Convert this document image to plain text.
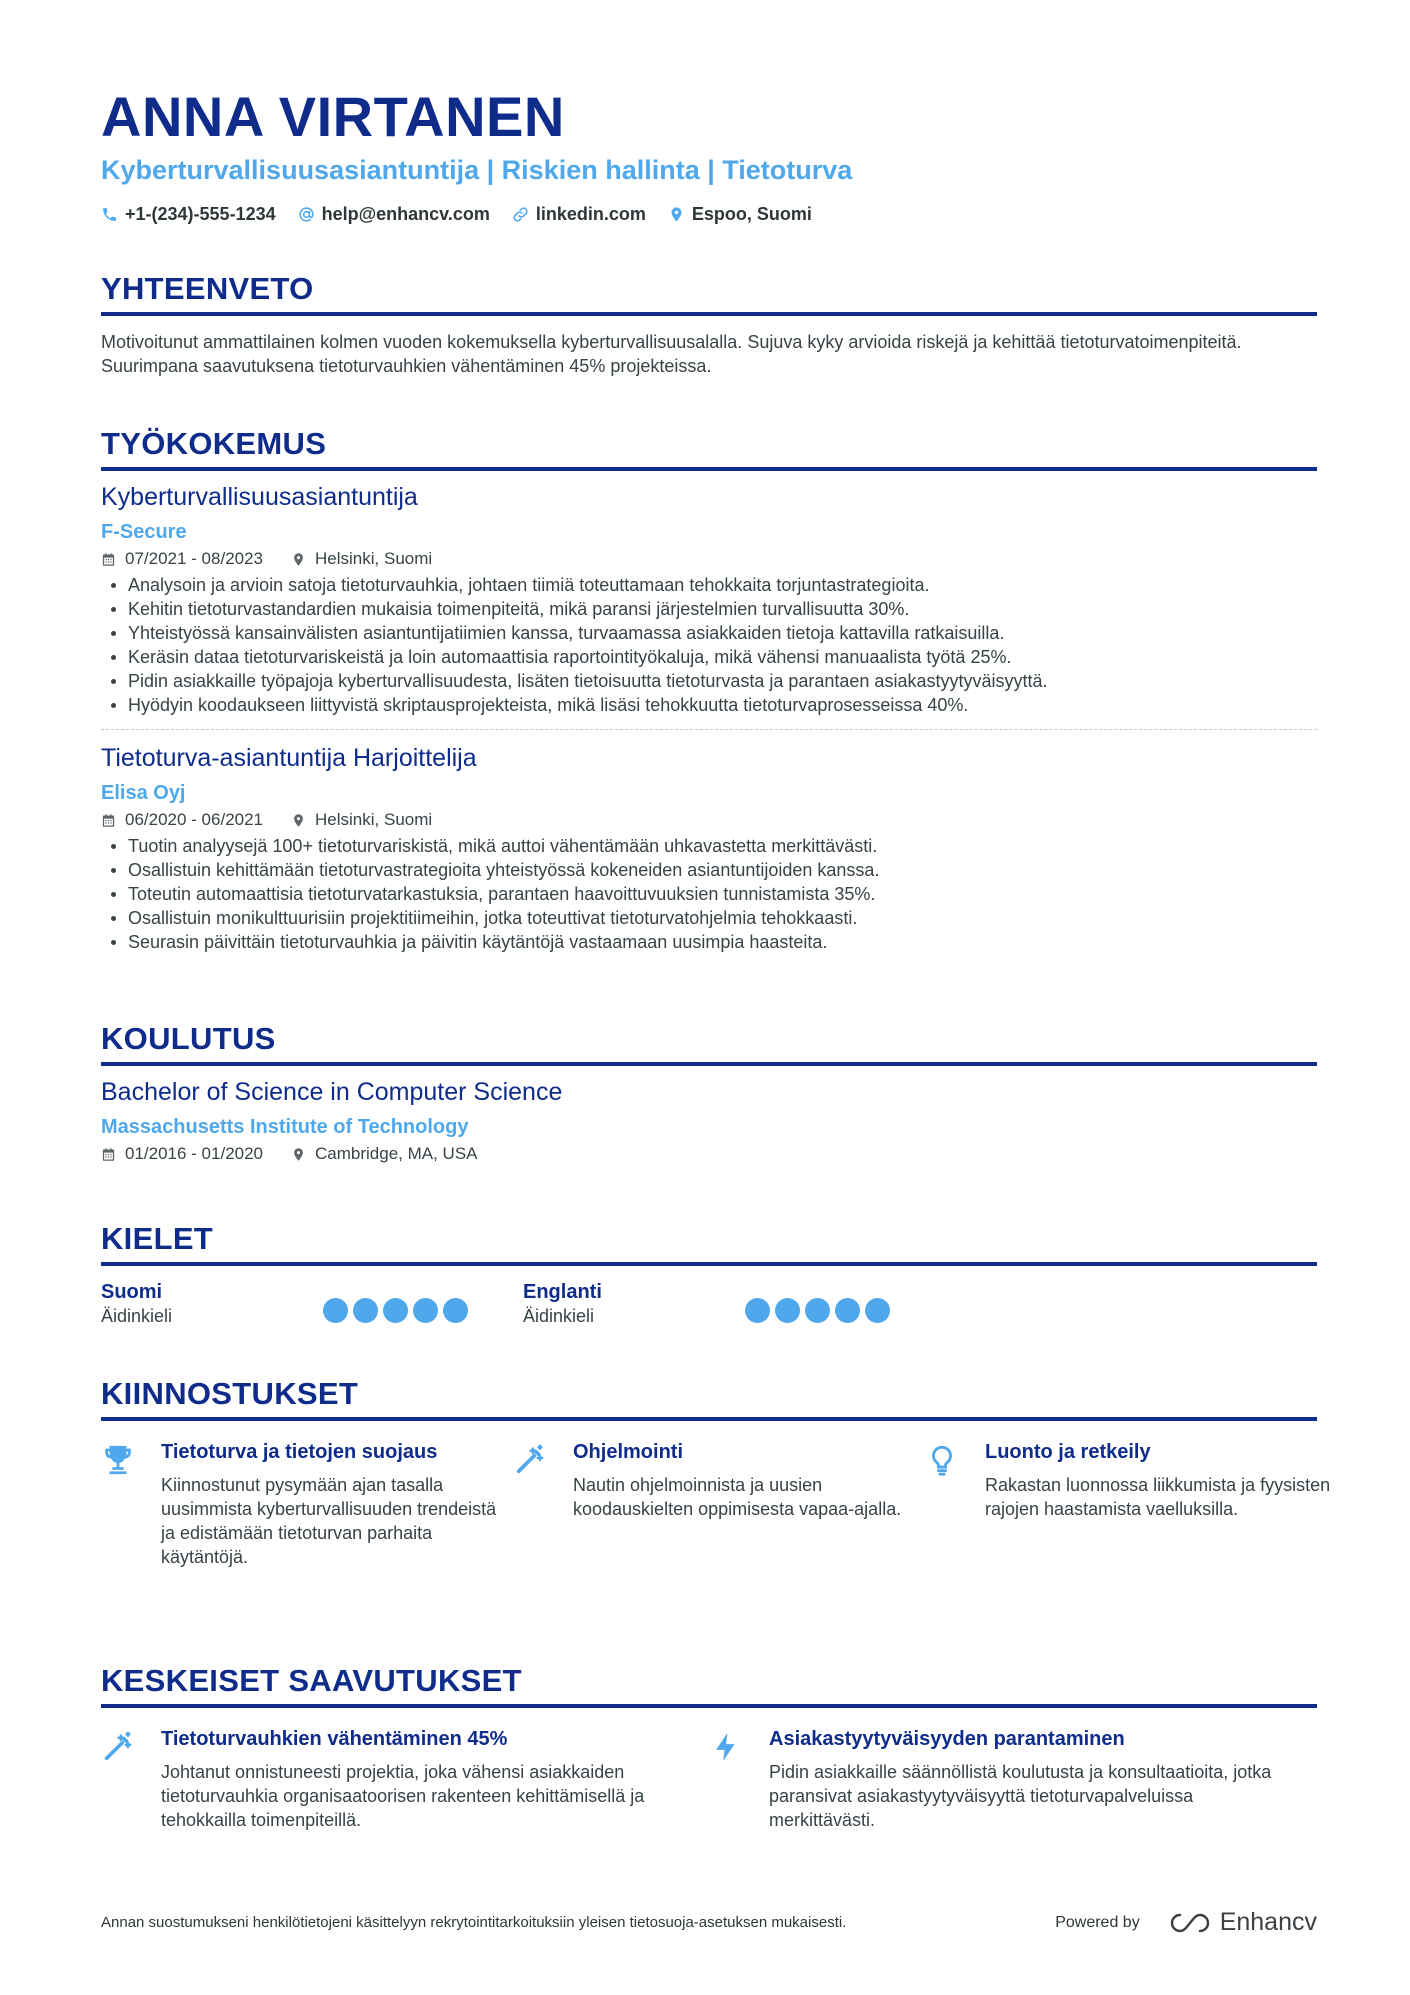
ANNA VIRTANEN
Kyberturvallisuusasiantuntija | Riskien hallinta | Tietoturva
+1-(234)-555-1234	help@enhancv.com	linkedin.com	Espoo, Suomi
YHTEENVETO
Motivoitunut ammattilainen kolmen vuoden kokemuksella kyberturvallisuusalalla. Sujuva kyky arvioida riskejä ja kehittää tietoturvatoimenpiteitä. Suurimpana saavutuksena tietoturvauhkien vähentäminen 45% projekteissa.
TYÖKOKEMUS
Kyberturvallisuusasiantuntija
F-Secure
07/2021 - 08/2023	Helsinki, Suomi
Analysoin ja arvioin satoja tietoturvauhkia, johtaen tiimiä toteuttamaan tehokkaita torjuntastrategioita.
Kehitin tietoturvastandardien mukaisia toimenpiteitä, mikä paransi järjestelmien turvallisuutta 30%.
Yhteistyössä kansainvälisten asiantuntijatiimien kanssa, turvaamassa asiakkaiden tietoja kattavilla ratkaisuilla.
Keräsin dataa tietoturvariskeistä ja loin automaattisia raportointityökaluja, mikä vähensi manuaalista työtä 25%.
Pidin asiakkaille työpajoja kyberturvallisuudesta, lisäten tietoisuutta tietoturvasta ja parantaen asiakastyytyväisyyttä.
Hyödyin koodaukseen liittyvistä skriptausprojekteista, mikä lisäsi tehokkuutta tietoturvaprosesseissa 40%.
Tietoturva-asiantuntija Harjoittelija
Elisa Oyj
06/2020 - 06/2021	Helsinki, Suomi
Tuotin analyysejä 100+ tietoturvariskistä, mikä auttoi vähentämään uhkavastetta merkittävästi.
Osallistuin kehittämään tietoturvastrategioita yhteistyössä kokeneiden asiantuntijoiden kanssa.
Toteutin automaattisia tietoturvatarkastuksia, parantaen haavoittuvuuksien tunnistamista 35%.
Osallistuin monikulttuurisiin projektitiimeihin, jotka toteuttivat tietoturvatohjelmia tehokkaasti.
Seurasin päivittäin tietoturvauhkia ja päivitin käytäntöjä vastaamaan uusimpia haasteita.
KOULUTUS
Bachelor of Science in Computer Science
Massachusetts Institute of Technology
01/2016 - 01/2020	Cambridge, MA, USA
KIELET
Suomi
Äidinkieli
Englanti
Äidinkieli
KIINNOSTUKSET
Tietoturva ja tietojen suojaus
Kiinnostunut pysymään ajan tasalla uusimmista kyberturvallisuuden trendeistä ja edistämään tietoturvan parhaita käytäntöjä.
Ohjelmointi
Nautin ohjelmoinnista ja uusien koodauskielten oppimisesta vapaa-ajalla.
Luonto ja retkeily
Rakastan luonnossa liikkumista ja fyysisten rajojen haastamista vaelluksilla.
KESKEISET SAAVUTUKSET
Tietoturvauhkien vähentäminen 45%
Johtanut onnistuneesti projektia, joka vähensi asiakkaiden tietoturvauhkia organisaatoorisen rakenteen kehittämisellä ja tehokkailla toimenpiteillä.
Asiakastyytyväisyyden parantaminen
Pidin asiakkaille säännöllistä koulutusta ja konsultaatioita, jotka paransivat asiakastyytyväisyyttä tietoturvapalveluissa merkittävästi.
Annan suostumukseni henkilötietojeni käsittelyyn rekrytointitarkoituksiin yleisen tietosuoja-asetuksen mukaisesti.	Powered by	Enhancv
